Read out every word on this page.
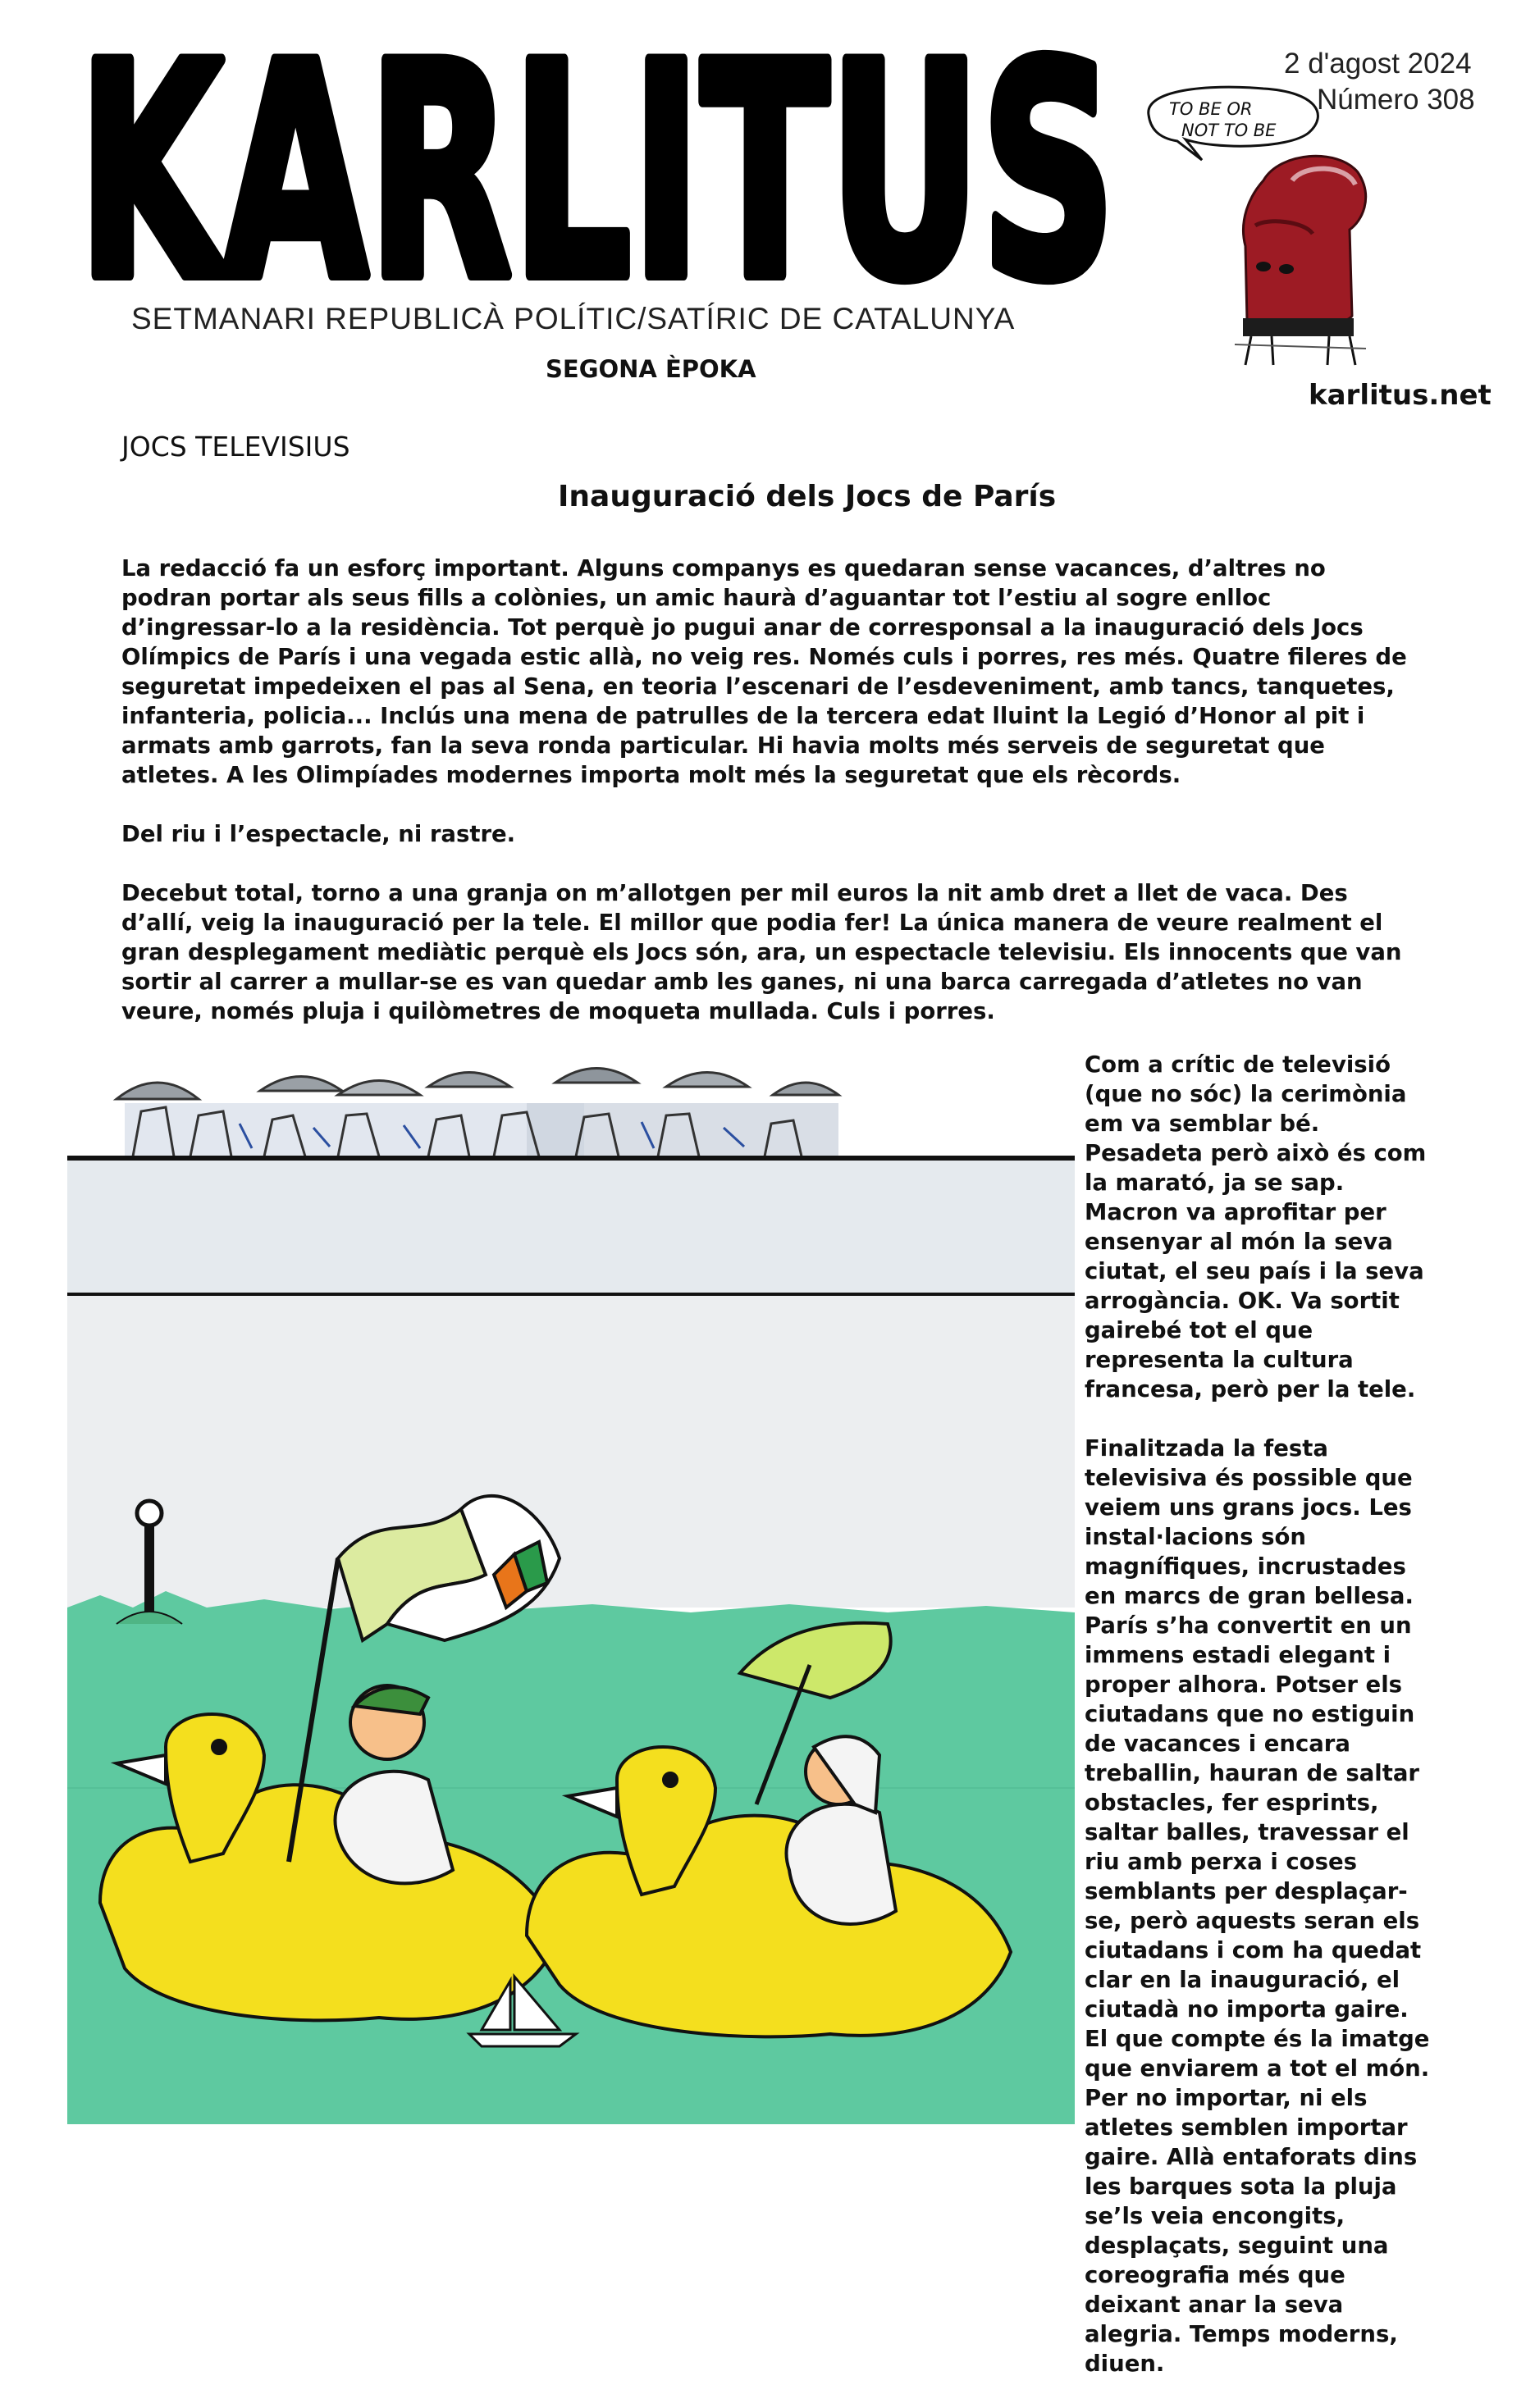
KARLITUS
SETMANARI REPUBLICÀ POLÍTIC/SATÍRIC DE CATALUNYA
SEGONA ÈPOKA
2 d'agost 2024
Número 308
TO BE OR
NOT TO BE
karlitus.net
JOCS TELEVISIUS
Inauguració dels Jocs de París

La redacció fa un esforç important. Alguns companys es quedaran sense vacances, d’altres no podran portar als seus fills a colònies, un amic haurà d’aguantar tot l’estiu al sogre enlloc d’ingressar-lo a la residència. Tot perquè jo pugui anar de corresponsal a la inauguració dels Jocs Olímpics de París i una vegada estic allà, no veig res. Només culs i porres, res més. Quatre fileres de seguretat impedeixen el pas al Sena, en teoria l’escenari de l’esdeveniment, amb tancs, tanquetes, infanteria, policia... Inclús una mena de patrulles de la tercera edat lluint la Legió d’Honor al pit i armats amb garrots, fan la seva ronda particular. Hi havia molts més serveis de seguretat que atletes. A les Olimpíades modernes importa molt més la seguretat que els rècords.

Del riu i l’espectacle, ni rastre.

Decebut total, torno a una granja on m’allotgen per mil euros la nit amb dret a llet de vaca. Des d’allí, veig la inauguració per la tele. El millor que podia fer! La única manera de veure realment el gran desplegament mediàtic perquè els Jocs són, ara, un espectacle televisiu. Els innocents que van sortir al carrer a mullar-se es van quedar amb les ganes, ni una barca carregada d’atletes no van veure, només pluja i quilòmetres de moqueta mullada. Culs i porres.

Com a crític de televisió (que no sóc) la cerimònia em va semblar bé. Pesadeta però això és com la marató, ja se sap. Macron va aprofitar per ensenyar al món la seva ciutat, el seu país i la seva arrogància. OK. Va sortit gairebé tot el que representa la cultura francesa, però per la tele.

Finalitzada la festa televisiva és possible que veiem uns grans jocs. Les instal·lacions són magnífiques, incrustades en marcs de gran bellesa. París s’ha convertit en un immens estadi elegant i proper alhora. Potser els ciutadans que no estiguin de vacances i encara treballin, hauran de saltar obstacles, fer esprints, saltar balles, travessar el riu amb perxa i coses semblants per desplaçar-se, però aquests seran els ciutadans i com ha quedat clar en la inauguració, el ciutadà no importa gaire. El que compte és la imatge que enviarem a tot el món. Per no importar, ni els atletes semblen importar gaire. Allà entaforats dins les barques sota la pluja se’ls veia encongits, desplaçats, seguint una coreografia més que deixant anar la seva alegria. Temps moderns, diuen.
